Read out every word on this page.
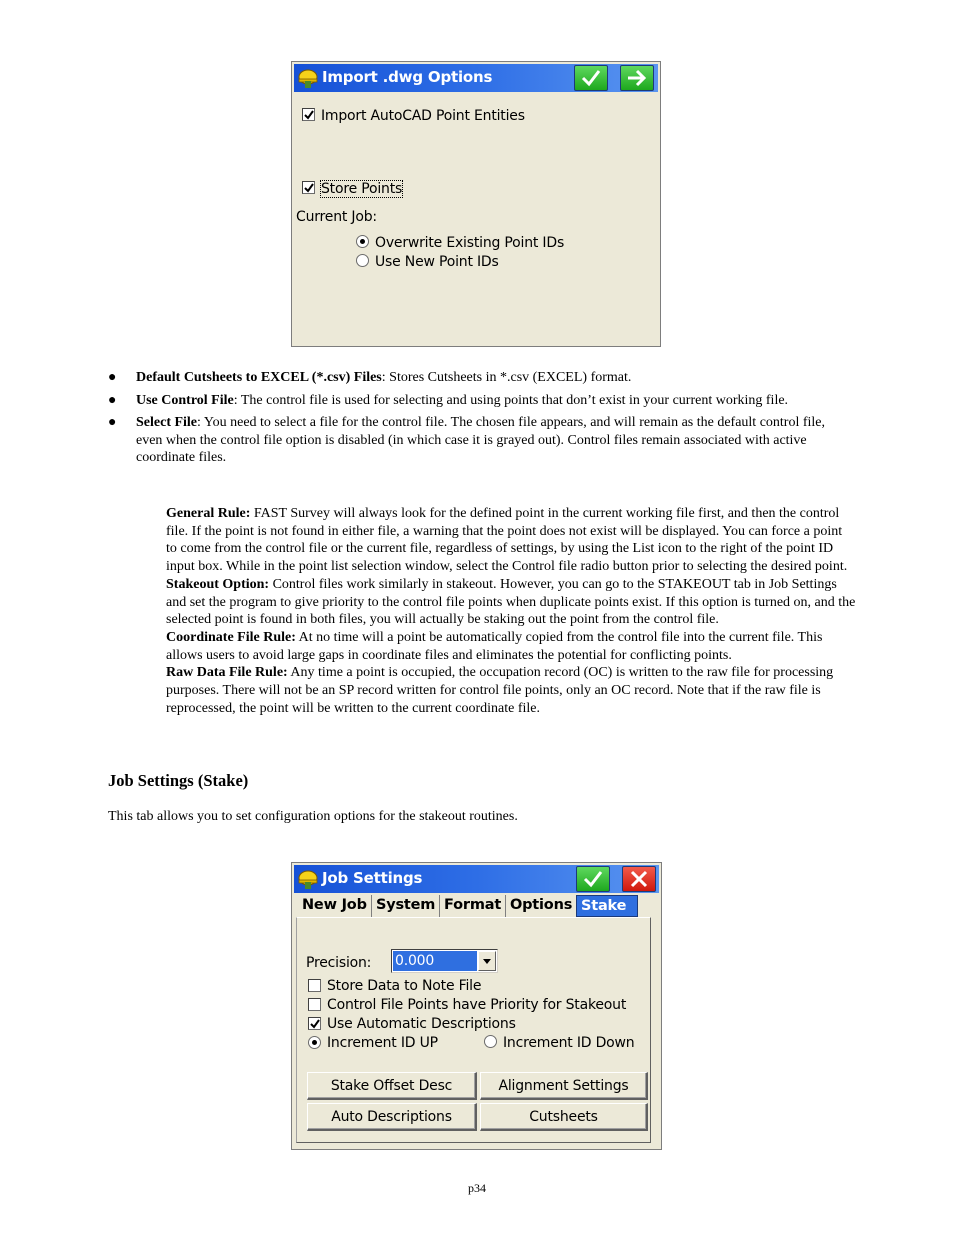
Import .dwg Options
Import AutoCAD Point Entities
Store Points
Current Job:
Overwrite Existing Point IDs
Use New Point IDs
● Default Cutsheets to EXCEL (*.csv) Files: Stores Cutsheets in *.csv (EXCEL) format.
● Use Control File: The control file is used for selecting and using points that don’t exist in your current working file.
● Select File: You need to select a file for the control file. The chosen file appears, and will remain as the default control file, even when the control file option is disabled (in which case it is grayed out). Control files remain associated with active coordinate files.

General Rule: FAST Survey will always look for the defined point in the current working file first, and then the control file. If the point is not found in either file, a warning that the point does not exist will be displayed. You can force a point to come from the control file or the current file, regardless of settings, by using the List icon to the right of the point ID input box. While in the point list selection window, select the Control file radio button prior to selecting the desired point.

Stakeout Option: Control files work similarly in stakeout. However, you can go to the STAKEOUT tab in Job Settings and set the program to give priority to the control file points when duplicate points exist. If this option is turned on, and the selected point is found in both files, you will actually be staking out the point from the control file.

Coordinate File Rule: At no time will a point be automatically copied from the control file into the current file. This allows users to avoid large gaps in coordinate files and eliminates the potential for conflicting points.

Raw Data File Rule: Any time a point is occupied, the occupation record (OC) is written to the raw file for processing purposes. There will not be an SP record written for control file points, only an OC record. Note that if the raw file is reprocessed, the point will be written to the current coordinate file.

Job Settings (Stake)
This tab allows you to set configuration options for the stakeout routines.
Job Settings
New Job System Format Options Stake
Precision: 0.000
Store Data to Note File
Control File Points have Priority for Stakeout
Use Automatic Descriptions
Increment ID UP	Increment ID Down
Stake Offset Desc	Alignment Settings
Auto Descriptions	Cutsheets
p34
